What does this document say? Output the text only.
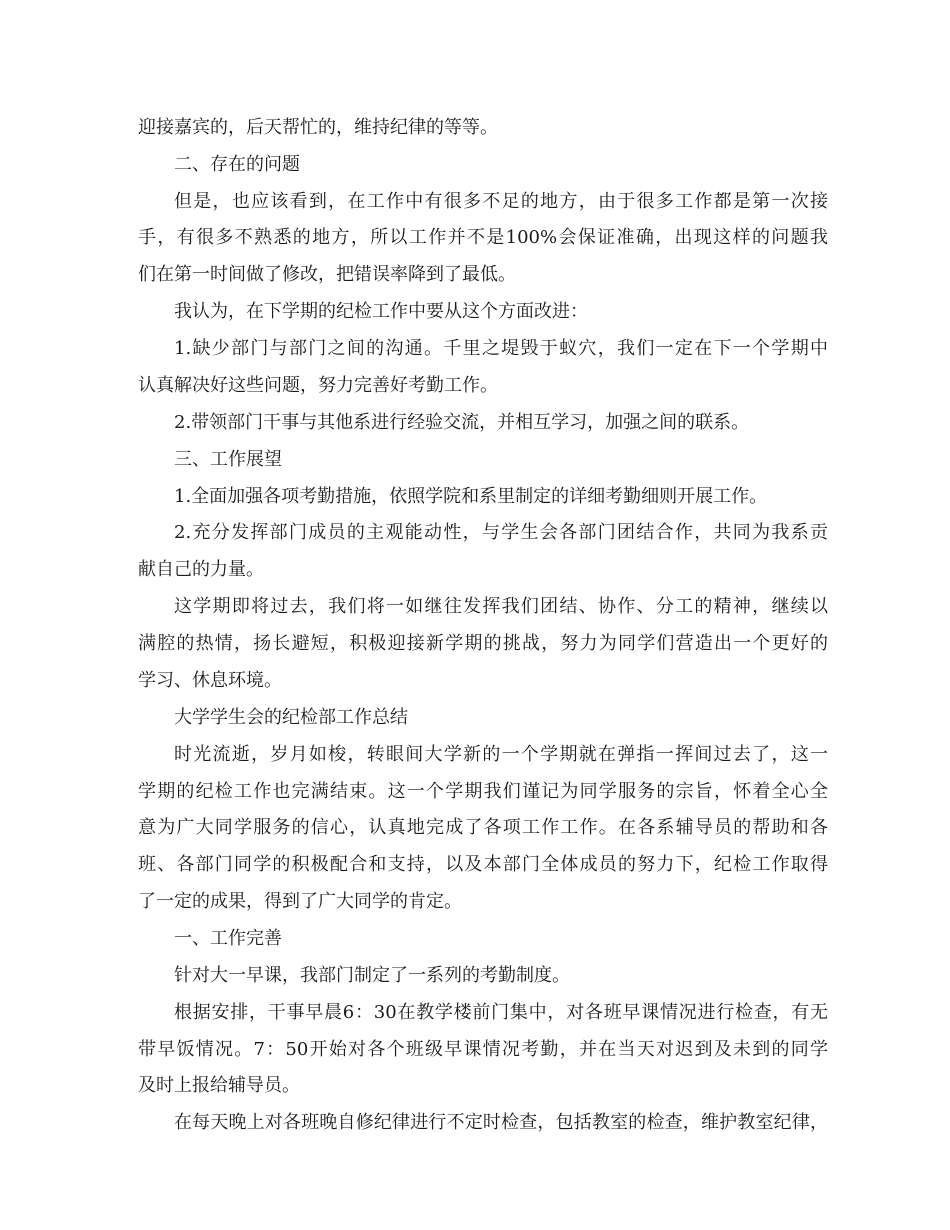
迎接嘉宾的，后天帮忙的，维持纪律的等等。
二、存在的问题
但是，也应该看到，在工作中有很多不足的地方，由于很多工作都是第一次接
手，有很多不熟悉的地方，所以工作并不是100%会保证准确，出现这样的问题我
们在第一时间做了修改，把错误率降到了最低。
我认为，在下学期的纪检工作中要从这个方面改进：
1.缺少部门与部门之间的沟通。千里之堤毁于蚁穴，我们一定在下一个学期中
认真解决好这些问题，努力完善好考勤工作。
2.带领部门干事与其他系进行经验交流，并相互学习，加强之间的联系。
三、工作展望
1.全面加强各项考勤措施，依照学院和系里制定的详细考勤细则开展工作。
2.充分发挥部门成员的主观能动性，与学生会各部门团结合作，共同为我系贡
献自己的力量。
这学期即将过去，我们将一如继往发挥我们团结、协作、分工的精神，继续以
满腔的热情，扬长避短，积极迎接新学期的挑战，努力为同学们营造出一个更好的
学习、休息环境。
大学学生会的纪检部工作总结
时光流逝，岁月如梭，转眼间大学新的一个学期就在弹指一挥间过去了，这一
学期的纪检工作也完满结束。这一个学期我们谨记为同学服务的宗旨，怀着全心全
意为广大同学服务的信心，认真地完成了各项工作工作。在各系辅导员的帮助和各
班、各部门同学的积极配合和支持，以及本部门全体成员的努力下，纪检工作取得
了一定的成果，得到了广大同学的肯定。
一、工作完善
针对大一早课，我部门制定了一系列的考勤制度。
根据安排，干事早晨6：30在教学楼前门集中，对各班早课情况进行检查，有无
带早饭情况。7：50开始对各个班级早课情况考勤，并在当天对迟到及未到的同学
及时上报给辅导员。
在每天晚上对各班晚自修纪律进行不定时检查，包括教室的检查，维护教室纪律，
